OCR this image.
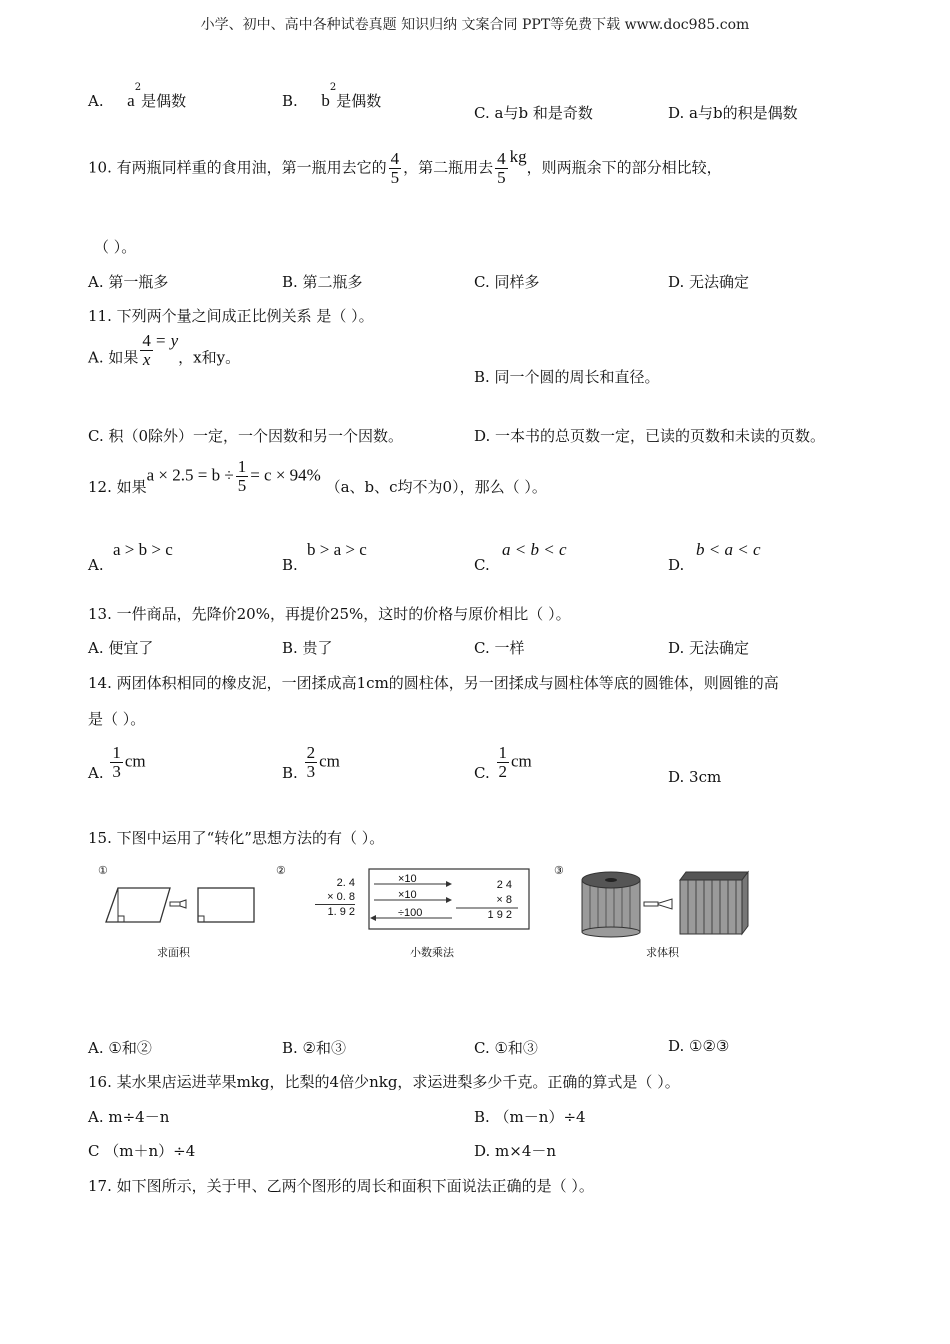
小学、初中、高中各种试卷真题 知识归纳 文案合同 PPT等免费下载 www.doc985.com
A. $a^2$是偶数	B. $b^2$是偶数
C. a与b 和是奇数	D. a与b的积是偶数
10. 有两瓶同样重的食用油，第一瓶用去它的 $\frac{4}{5}$ ，第二瓶用去 $\frac{4}{5}$ kg，则两瓶余下的部分相比较，
（ ）。
A. 第一瓶多	B. 第二瓶多	C. 同样多	D. 无法确定
11. 下列两个量之间成正比例关系 是（ ）。
A. 如果 $\frac{4}{x} = y$，x和y。
B. 同一个圆的周长和直径。
C. 积（0除外）一定，一个因数和另一个因数。	D. 一本书的总页数一定，已读的页数和未读的页数。
12. 如果$a \times 2.5 = b \div \frac{1}{5} = c \times 94\%$ （a、b、c均不为0），那么（ ）。
A.
a > b > c
B.
b > a > c
C.
a < b < c
D.
b < a < c
13. 一件商品，先降价20%，再提价25%，这时的价格与原价相比（ ）。
A. 便宜了	B. 贵了	C. 一样	D. 无法确定
14. 两团体积相同的橡皮泥，一团揉成高1cm的圆柱体，另一团揉成与圆柱体等底的圆锥体，则圆锥的高
是（ ）。
A. $\frac{1}{3}$ cm
B. $\frac{2}{3}$ cm
C. $\frac{1}{2}$ cm
D. 3cm
15. 下图中运用了“转化”思想方法的有（ ）。
①
求面积
②
2. 4
× 0. 8
1. 9 2
×10
×10
÷100
2 4
× 8
1 9 2
小数乘法
③
求体积
A. ①和②	B. ②和③	C. ①和③	D. ①②③
16. 某水果店运进苹果mkg，比梨的4倍少nkg，求运进梨多少千克。正确的算式是（ ）。
A. m÷4－n	B. （m－n）÷4
C （m＋n）÷4	D. m×4－n
17. 如下图所示，关于甲、乙两个图形的周长和面积下面说法正确的是（ ）。
